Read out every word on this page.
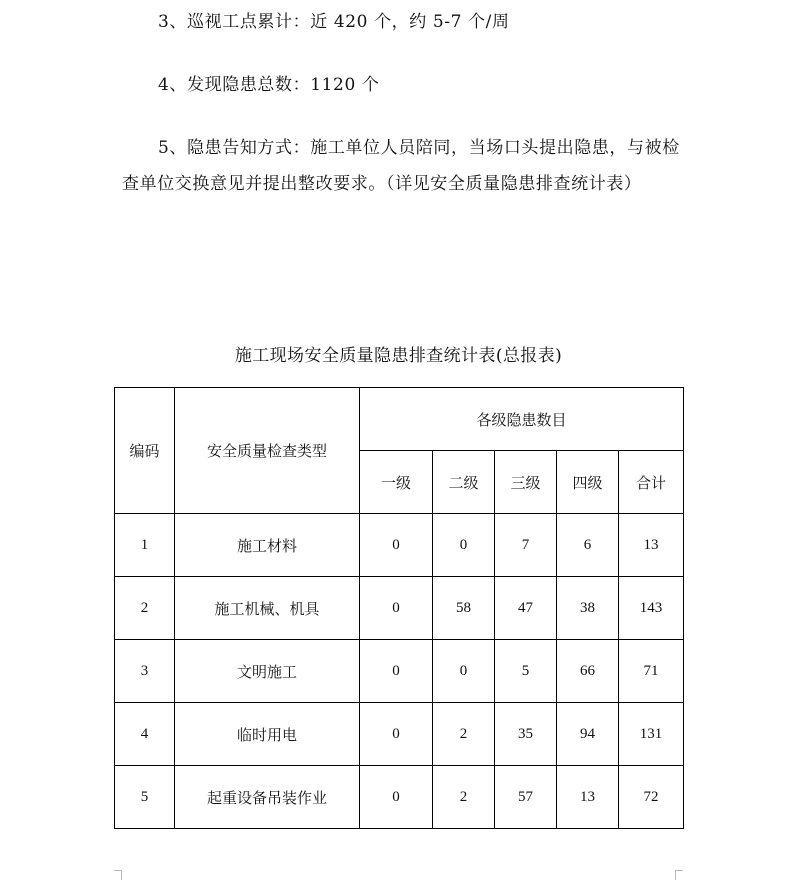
3、巡视工点累计：近 420 个，约 5-7 个/周

4、发现隐患总数：1120 个

5、隐患告知方式：施工单位人员陪同，当场口头提出隐患，与被检查单位交换意见并提出整改要求。（详见安全质量隐患排查统计表）

施工现场安全质量隐患排查统计表(总报表)
编码	安全质量检查类型	各级隐患数目				
		一级	二级	三级	四级	合计
1	施工材料	0	0	7	6	13
2	施工机械、机具	0	58	47	38	143
3	文明施工	0	0	5	66	71
4	临时用电	0	2	35	94	131
5	起重设备吊装作业	0	2	57	13	72
